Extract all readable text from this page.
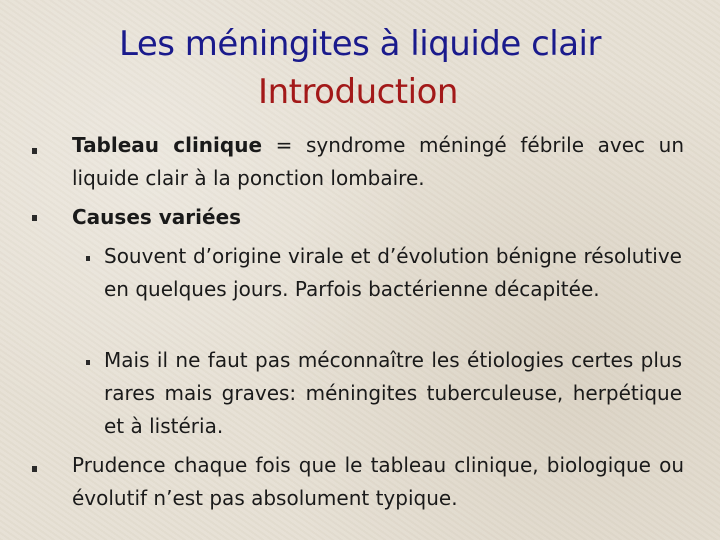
Les méningites à liquide clair
Introduction
Tableau clinique = syndrome méningé fébrile avec un liquide clair à la ponction lombaire.
Causes variées
Souvent d’origine virale et d’évolution bénigne résolutive en quelques jours. Parfois bactérienne décapitée.
Mais il ne faut pas méconnaître les étiologies certes plus rares mais graves: méningites tuberculeuse, herpétique et à listéria.
Prudence chaque fois que le tableau clinique, biologique ou évolutif n’est pas absolument typique.
